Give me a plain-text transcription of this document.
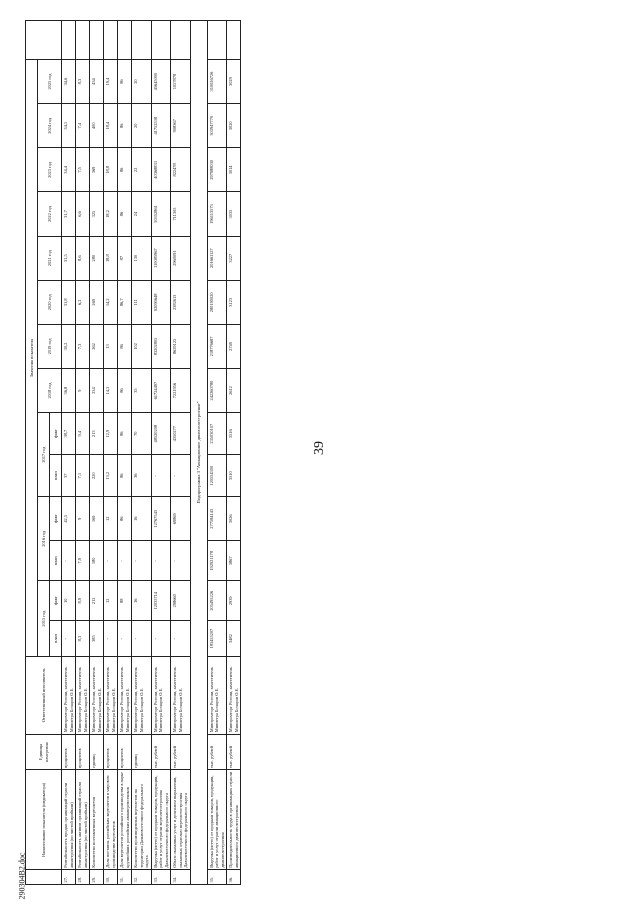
39
290304B2.doc
	Наименование показателя (индикатора)	Единица измерения	Ответственный исполнитель	Значения показателя														
				2015 год		2016 год		2017 год		2018 год	2019 год	2020 год	2021 год	2022 год	2023 год	2024 год	2025 год	
				план	факт	план	факт	план	факт									
27.	Рентабельность продаж организаций отрасли авиастроения (по чистой прибыли)	процентов	Минпромторг России, заместитель Министра Бочаров О.Е.	-	10	-	42,5	37	38,7	36,8	30,2	31,8	31,5	31,7	34,4	34,1	34,6	
28.	Рентабельность активов организаций отрасли авиастроения (по чистой прибыли)	процентов	Минпромторг России, заместитель Министра Бочаров О.Е.	8,3	8,9	7,9	9	7,1	9,4	9	7,3	6,2	8,6	6,6	7,5	7,4	8,3	
29.	Количество поставленных вертолетов	единиц	Минпромторг России, заместитель Министра Бочаров О.Е.	385	212	180	169	220	213	234	262	269	280	325	369	400	434	
30.	Доля поставок российских вертолетов в мировом производстве вертолетов	процентов	Минпромторг России, заместитель Министра Бочаров О.Е.	-	12	-	12	13,2	12,9	14,3	13	14,2	18,8	18,2	18,8	18,4	19,4	
31.	Доля вертолетов российского производства в парке крупнейших российских авиаперевозчиков	процентов	Минпромторг России, заместитель Министра Бочаров О.Е.	-	88	-	86	86	86	86	86	86,7	87	86	86	86	86	
32.	Количество произведенных вертолетов на территории Дальневосточного федерального округа	единиц	Минпромторг России, заместитель Министра Бочаров О.Е.	-	16	-	16	36	70	35	102	111	130	24	22	20	20	
33.	Выручка (нетто) от продажи товаров, продукции, работ и услуг отрасли вертолетостроения Дальневосточного федерального округа	тыс. рублей	Минпромторг России, заместитель Министра Бочаров О.Е.	-	12035714	-	12767543	-	48520208	61724497	83202805	92090648	110085967	50352861	40368833	41752538	45645000	
34.	Объем оказанных услуг и денежном выражении, оказанных отраслью вертолетостроения Дальневосточного федерального округа	тыс. рублей	Минпромторг России, заместитель Министра Бочаров О.Е.	-	298660	-	69869	-	4350277	7221956	8659125	2382613	2960091	711305	822478	908367	1057878	
Подпрограмма 3 "Авиационное двигателестроение"																		
35.	Выручка (нетто) от продажи товаров, продукции, работ и услуг отрасли авиационного двигателестроения	тыс. рублей	Минпромторг России, заместитель Министра Бочаров О.Е.	183455207	205495226	192921178	277584143	120554300	235030107	242260780	218776687	280190020	201661127	196113573	297988030	303947770	310026726	
36.	Производительность труда в организациях отрасли авиационного двигателестроения	тыс. рублей	Минпромторг России, заместитель Министра Бочаров О.Е.	3482	2939	3867	3026	3510	3516	2612	2749	3123	3227	3035	3014	3020	3029	
